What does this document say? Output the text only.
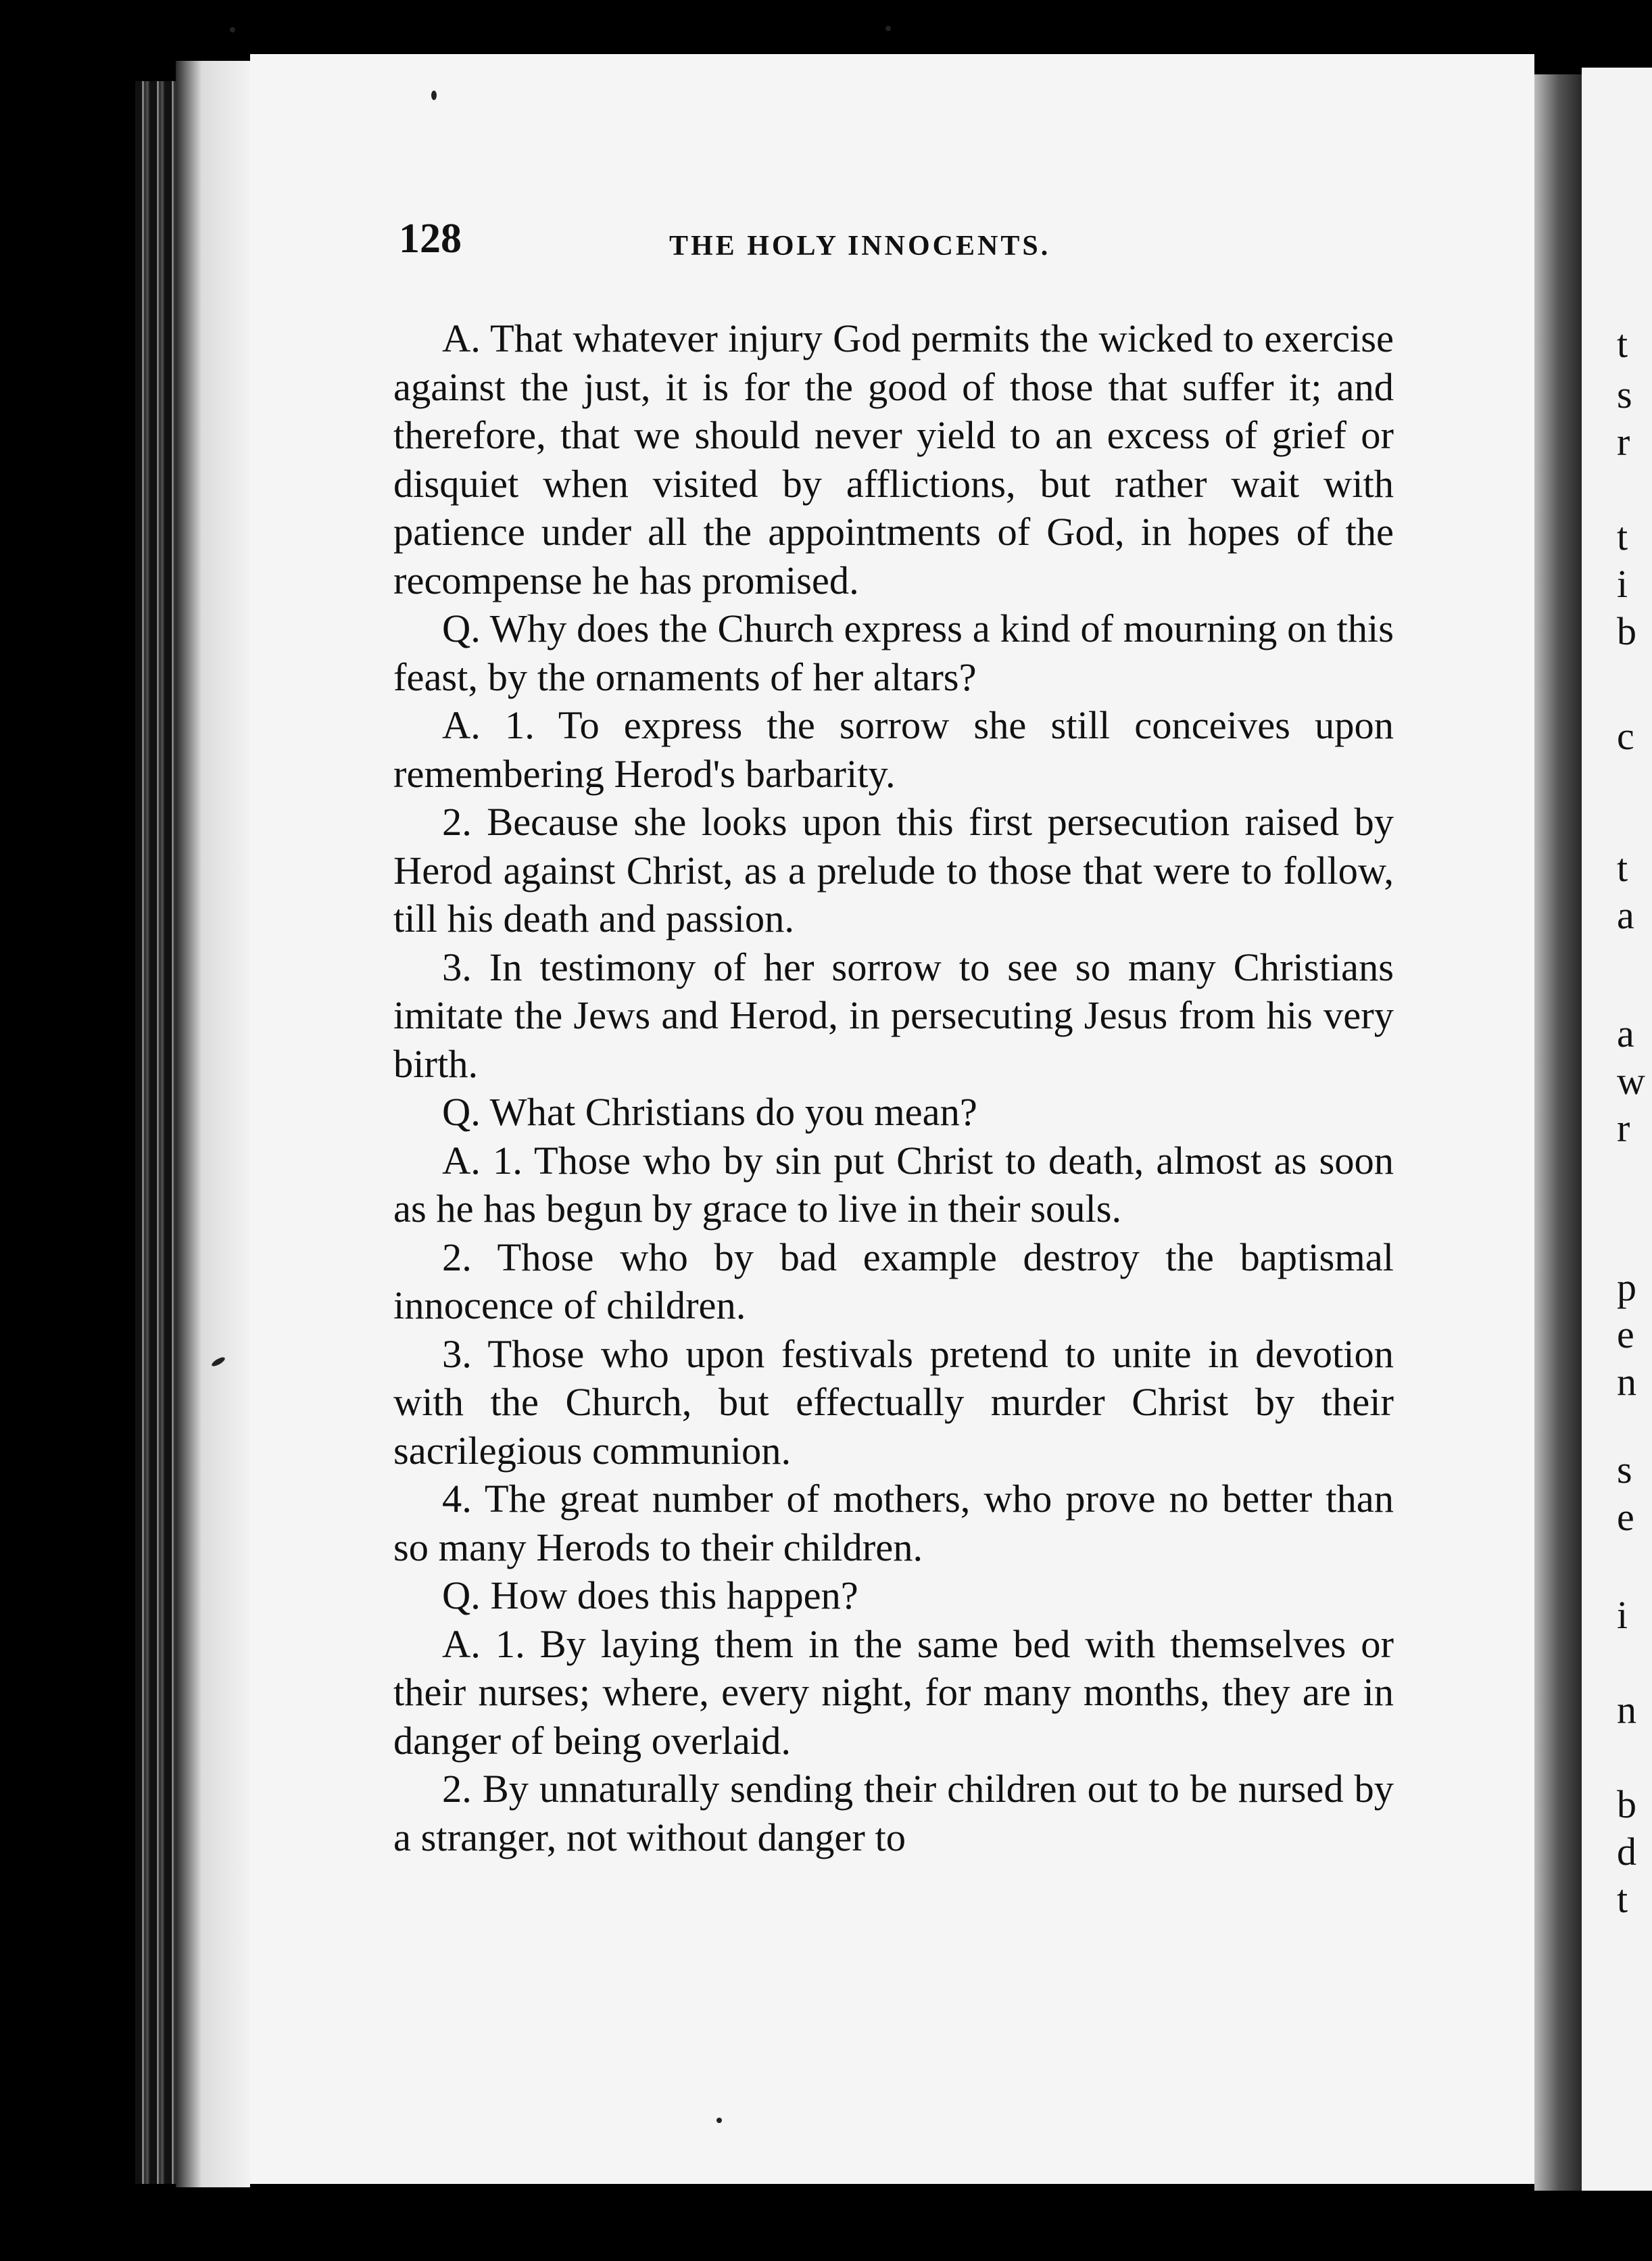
t
s
r
t
i
b
c
t
a
a
w
r
p
e
n
s
e
i
n
b
d
t
128	THE HOLY INNOCENTS.

A. That whatever injury God permits the wicked to exercise against the just, it is for the good of those that suffer it; and therefore, that we should never yield to an excess of grief or disquiet when visited by afflictions, but rather wait with patience under all the appointments of God, in hopes of the recompense he has promised.

Q. Why does the Church express a kind of mourning on this feast, by the ornaments of her altars?

A. 1. To express the sorrow she still conceives upon remembering Herod's barbarity.

2. Because she looks upon this first persecution raised by Herod against Christ, as a prelude to those that were to follow, till his death and passion.

3. In testimony of her sorrow to see so many Christians imitate the Jews and Herod, in persecuting Jesus from his very birth.

Q. What Christians do you mean?

A. 1. Those who by sin put Christ to death, almost as soon as he has begun by grace to live in their souls.

2. Those who by bad example destroy the baptismal innocence of children.

3. Those who upon festivals pretend to unite in devotion with the Church, but effectually murder Christ by their sacrilegious communion.

4. The great number of mothers, who prove no better than so many Herods to their children.

Q. How does this happen?

A. 1. By laying them in the same bed with themselves or their nurses; where, every night, for many months, they are in danger of being overlaid.

2. By unnaturally sending their children out to be nursed by a stranger, not without danger to
